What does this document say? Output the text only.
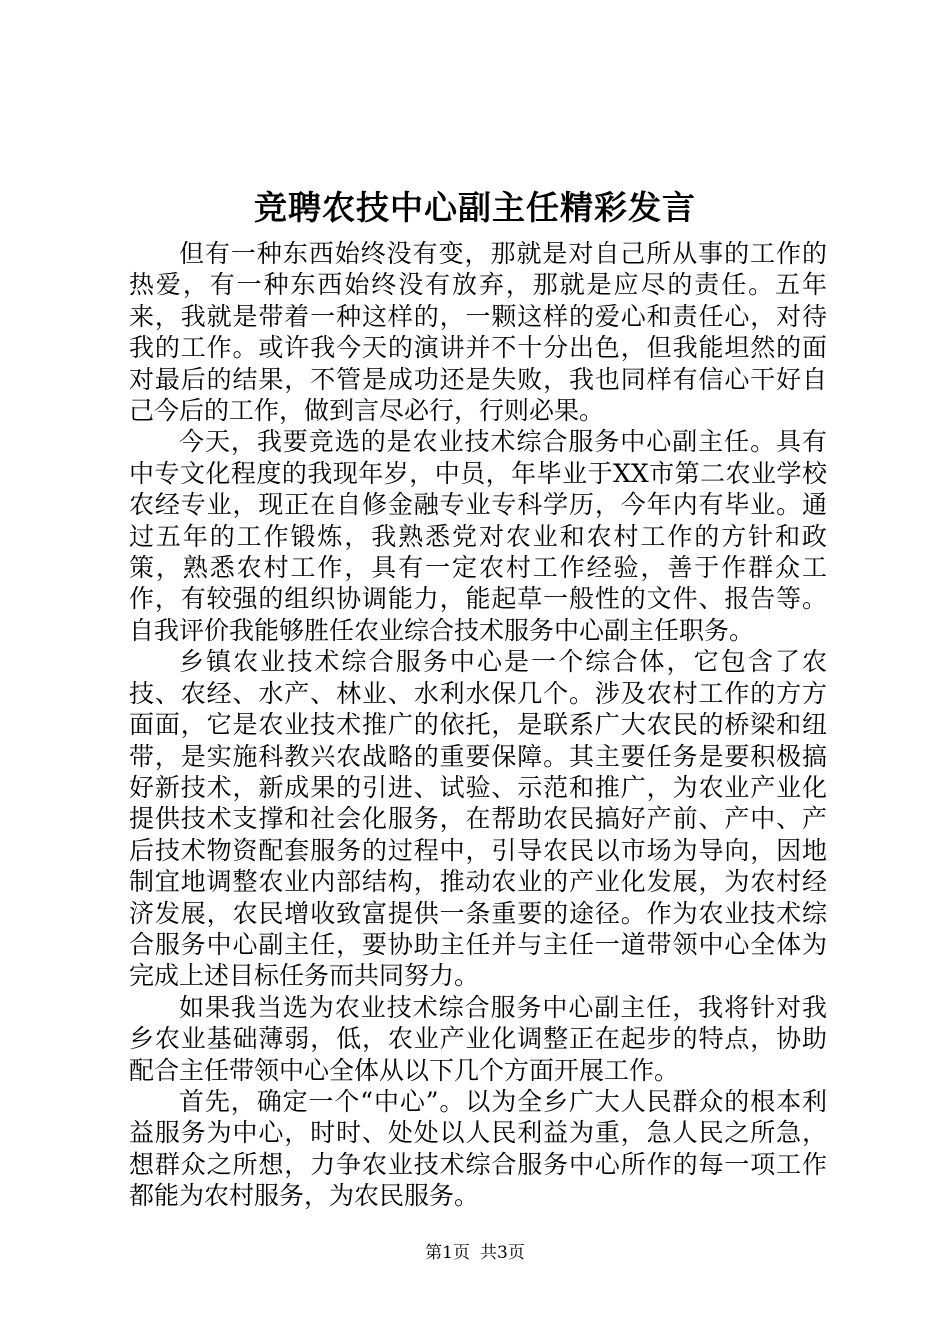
竞聘农技中心副主任精彩发言

但有一种东西始终没有变，那就是对自己所从事的工作的热爱，有一种东西始终没有放弃，那就是应尽的责任。五年来，我就是带着一种这样的，一颗这样的爱心和责任心，对待我的工作。或许我今天的演讲并不十分出色，但我能坦然的面对最后的结果，不管是成功还是失败，我也同样有信心干好自己今后的工作，做到言尽必行，行则必果。

今天，我要竞选的是农业技术综合服务中心副主任。具有中专文化程度的我现年岁，中员，年毕业于XX市第二农业学校农经专业，现正在自修金融专业专科学历，今年内有毕业。通过五年的工作锻炼，我熟悉党对农业和农村工作的方针和政策，熟悉农村工作，具有一定农村工作经验，善于作群众工作，有较强的组织协调能力，能起草一般性的文件、报告等。自我评价我能够胜任农业综合技术服务中心副主任职务。

乡镇农业技术综合服务中心是一个综合体，它包含了农技、农经、水产、林业、水利水保几个。涉及农村工作的方方面面，它是农业技术推广的依托，是联系广大农民的桥梁和纽带，是实施科教兴农战略的重要保障。其主要任务是要积极搞好新技术，新成果的引进、试验、示范和推广，为农业产业化提供技术支撑和社会化服务，在帮助农民搞好产前、产中、产后技术物资配套服务的过程中，引导农民以市场为导向，因地制宜地调整农业内部结构，推动农业的产业化发展，为农村经济发展，农民增收致富提供一条重要的途径。作为农业技术综合服务中心副主任，要协助主任并与主任一道带领中心全体为完成上述目标任务而共同努力。

如果我当选为农业技术综合服务中心副主任，我将针对我乡农业基础薄弱，低，农业产业化调整正在起步的特点，协助配合主任带领中心全体从以下几个方面开展工作。

首先，确定一个“中心”。以为全乡广大人民群众的根本利益服务为中心，时时、处处以人民利益为重，急人民之所急，想群众之所想，力争农业技术综合服务中心所作的每一项工作都能为农村服务，为农民服务。

第1页 共3页
